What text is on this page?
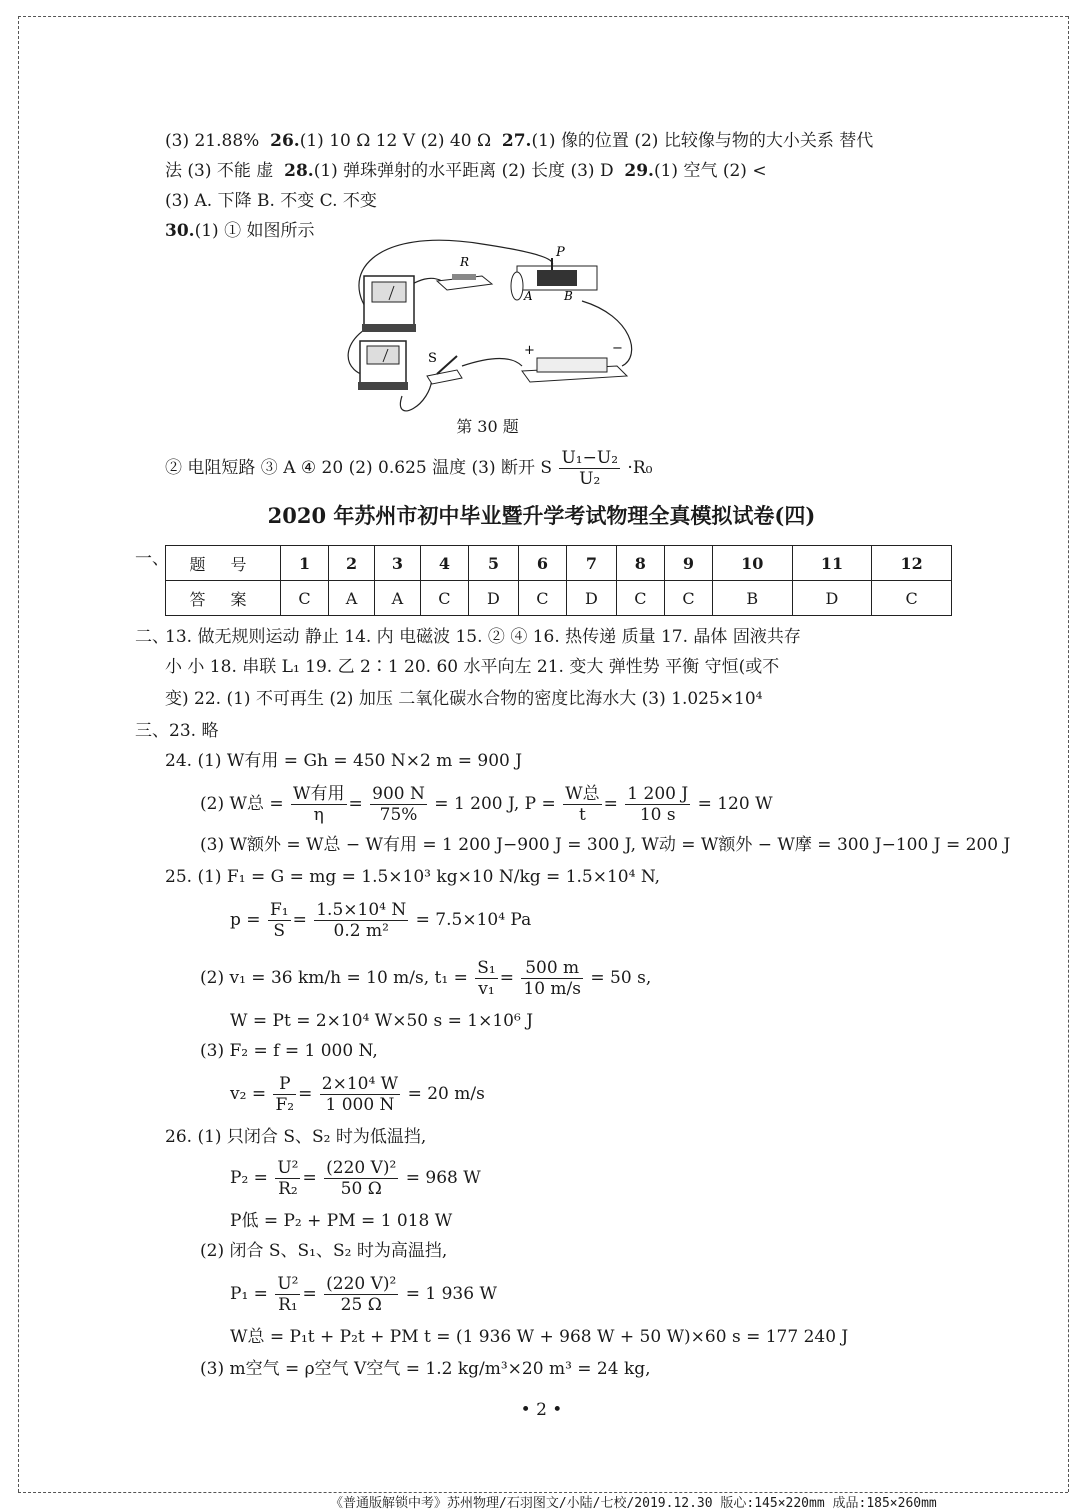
(3) 21.88% 26.(1) 10 Ω 12 V (2) 40 Ω 27.(1) 像的位置 (2) 比较像与物的大小关系 替代
法 (3) 不能 虚 28.(1) 弹珠弹射的水平距离 (2) 长度 (3) D 29.(1) 空气 (2) <
(3) A. 下降 B. 不变 C. 不变
30.(1) ① 如图所示
R
P
A	B
S
+	−
第 30 题
② 电阻短路 ③ A ④ 20 (2) 0.625 温度 (3) 断开 S $\frac{\text{U₁−U₂}}{\text{U₂}} \cdot R_0$
2020 年苏州市初中毕业暨升学考试物理全真模拟试卷(四)
一、 题 号	1	2	3	4	5	6	7	8	9	10	11	12
答 案	C	A	A	C	D	C	D	C	C	B	D	C
二、
13. 做无规则运动 静止 14. 内 电磁波 15. ② ④ 16. 热传递 质量 17. 晶体 固液共存
小 小 18. 串联 L₁ 19. 乙 2∶1 20. 60 水平向左 21. 变大 弹性势 平衡 守恒(或不
变) 22. (1) 不可再生 (2) 加压 二氧化碳水合物的密度比海水大 (3) 1.025×10⁴
三、23. 略
24. (1) W有用 = Gh = 450 N×2 m = 900 J
(2) W总 = $\frac{\text{W有用}}{\eta} = \frac{900 N}{75\%} = 1$ 200 J, $P = \frac{\text{W总}}{t} = \frac{1 200 J}{10 s} = 120$ W
(3) W额外 = W总 − W有用 = 1 200 J−900 J = 300 J, W动 = W额外 − W摩 = 300 J−100 J = 200 J
25. (1) F₁ = G = mg = 1.5×10³ kg×10 N/kg = 1.5×10⁴ N,
$p = \frac{\text{F₁}}{S} = \frac{\text{1.5×10⁴ N}}{\text{0.2 m²}} = 7.5\times 10^4$ Pa
(2) v₁ = 36 km/h = 10 m/s, $t_1 = \frac{\text{S₁}}{\text{v₁}} = \frac{500 m}{10 m/s} = 50$ s,
W = Pt = 2×10⁴ W×50 s = 1×10⁶ J
(3) F₂ = f = 1 000 N,
$v_2 = \frac{P}{\text{F₂}} = \frac{\text{2×10⁴ W}}{1 000 N} = 20$ m/s
26. (1) 只闭合 S、S₂ 时为低温挡,
$P_2 = \frac{\text{U²}}{\text{R₂}} = \frac{\text{(220 V)²}}{50 \Omega} = 968$ W
P低 = P₂ + PM = 1 018 W
(2) 闭合 S、S₁、S₂ 时为高温挡,
$P_1 = \frac{\text{U²}}{\text{R₁}} = \frac{\text{(220 V)²}}{25 \Omega} = 1$ 936 W
W总 = P₁t + P₂t + PM t = (1 936 W + 968 W + 50 W)×60 s = 177 240 J
(3) m空气 = ρ空气 V空气 = 1.2 kg/m³×20 m³ = 24 kg,
• 2 •
《普通版解锁中考》苏州物理/石羽图文/小陆/七校/2019.12.30 版心:145×220mm 成品:185×260mm
